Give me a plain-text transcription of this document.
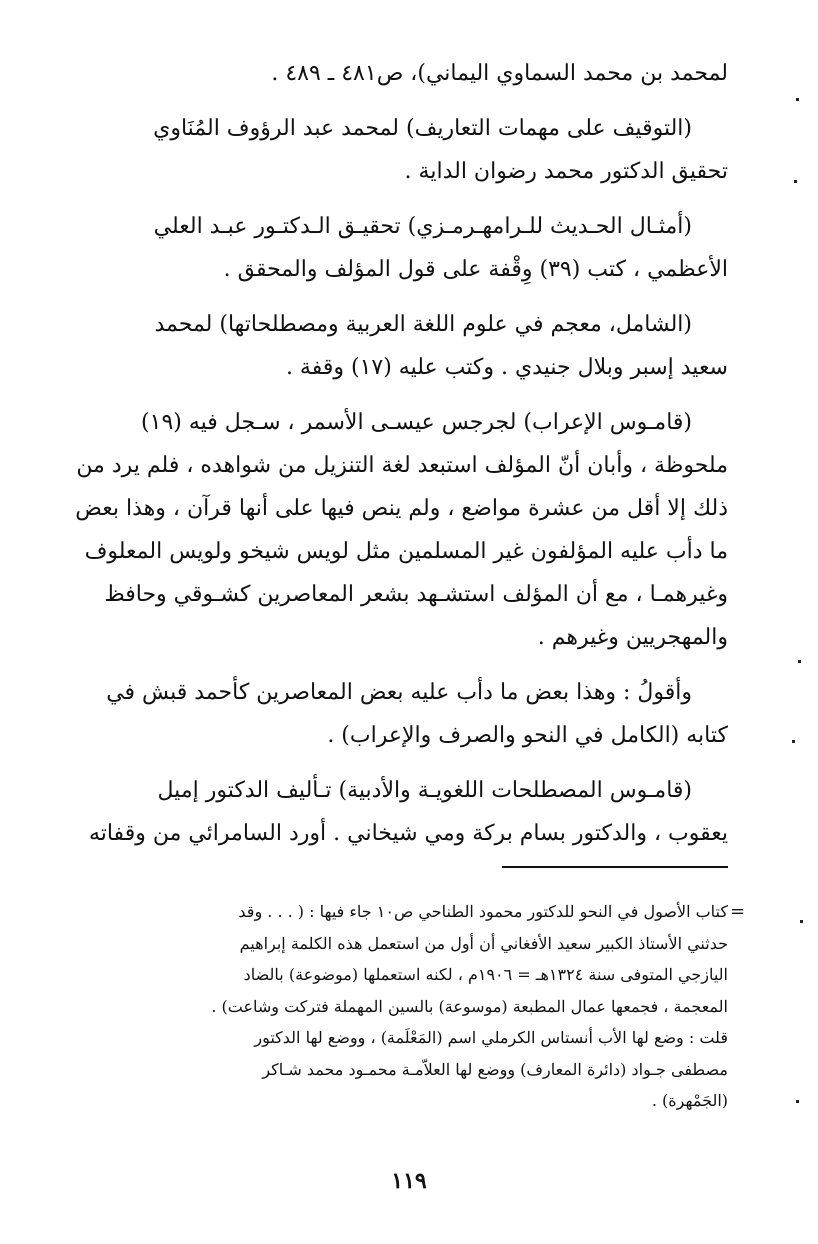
لمحمد بن محمد السماوي اليماني)، ص٤٨١ ـ ٤٨٩ .

(التوقيف على مهمات التعاريف) لمحمد عبد الرؤوف المُنَاوي

تحقيق الدكتور محمد رضوان الداية .

(أمثـال الحـديث للـرامهـرمـزي) تحقيـق الـدكتـور عبـد العلي

الأعظمي ، كتب (٣٩) وِقْفة على قول المؤلف والمحقق .

(الشامل، معجم في علوم اللغة العربية ومصطلحاتها) لمحمد

سعيد إسبر وبلال جنيدي . وكتب عليه (١٧) وقفة .

(قامـوس الإعراب) لجرجس عيسـى الأسمر ، سـجل فيه (١٩)

ملحوظة ، وأبان أنّ المؤلف استبعد لغة التنزيل من شواهده ، فلم يرد من

ذلك إلا أقل من عشرة مواضع ، ولم ينص فيها على أنها قرآن ، وهذا بعض

ما دأب عليه المؤلفون غير المسلمين مثل لويس شيخو ولويس المعلوف

وغيرهمـا ، مع أن المؤلف استشـهد بشعر المعاصرين كشـوقي وحافظ

والمهجريين وغيرهم .

وأقولُ : وهذا بعض ما دأب عليه بعض المعاصرين كأحمد قبش في

كتابه (الكامل في النحو والصرف والإعراب) .

(قامـوس المصطلحات اللغويـة والأدبية) تـأليف الدكتور إميل

يعقوب ، والدكتور بسام بركة ومي شيخاني . أورد السامرائي من وقفاته

=

كتاب الأصول في النحو للدكتور محمود الطناحي ص١٠ جاء فيها : ( . . . وقد

حدثني الأستاذ الكبير سعيد الأفغاني أن أول من استعمل هذه الكلمة إبراهيم

اليازجي المتوفى سنة ١٣٢٤هـ = ١٩٠٦م ، لكنه استعملها (موضوعة) بالضاد

المعجمة ، فجمعها عمال المطبعة (موسوعة) بالسين المهملة فتركت وشاعت) .

قلت : وضع لها الأب أنستاس الكرملي اسم (المَعْلَمة) ، ووضع لها الدكتور

مصطفى جـواد (دائرة المعارف) ووضع لها العلاّمـة محمـود محمد شـاكر

(الجَمْهرة) .

١١٩
